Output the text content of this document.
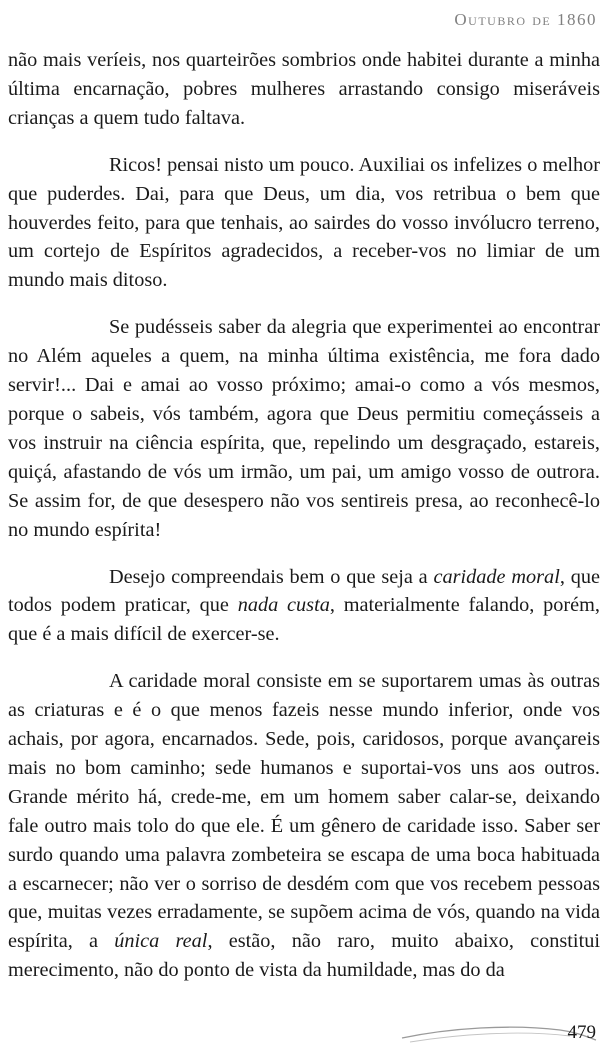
Outubro de 1860

não mais veríeis, nos quarteirões sombrios onde habitei durante a minha última encarnação, pobres mulheres arrastando consigo miseráveis crianças a quem tudo faltava.

Ricos! pensai nisto um pouco. Auxiliai os infelizes o melhor que puderdes. Dai, para que Deus, um dia, vos retribua o bem que houverdes feito, para que tenhais, ao sairdes do vosso invólucro terreno, um cortejo de Espíritos agradecidos, a receber-vos no limiar de um mundo mais ditoso.

Se pudésseis saber da alegria que experimentei ao encontrar no Além aqueles a quem, na minha última existência, me fora dado servir!... Dai e amai ao vosso próximo; amai-o como a vós mesmos, porque o sabeis, vós também, agora que Deus permitiu começásseis a vos instruir na ciência espírita, que, repelindo um desgraçado, estareis, quiçá, afastando de vós um irmão, um pai, um amigo vosso de outrora. Se assim for, de que desespero não vos sentireis presa, ao reconhecê-lo no mundo espírita!

Desejo compreendais bem o que seja a caridade moral, que todos podem praticar, que nada custa, materialmente falando, porém, que é a mais difícil de exercer-se.

A caridade moral consiste em se suportarem umas às outras as criaturas e é o que menos fazeis nesse mundo inferior, onde vos achais, por agora, encarnados. Sede, pois, caridosos, porque avançareis mais no bom caminho; sede humanos e suportai-vos uns aos outros. Grande mérito há, crede-me, em um homem saber calar-se, deixando fale outro mais tolo do que ele. É um gênero de caridade isso. Saber ser surdo quando uma palavra zombeteira se escapa de uma boca habituada a escarnecer; não ver o sorriso de desdém com que vos recebem pessoas que, muitas vezes erradamente, se supõem acima de vós, quando na vida espírita, a única real, estão, não raro, muito abaixo, constitui merecimento, não do ponto de vista da humildade, mas do da

479
